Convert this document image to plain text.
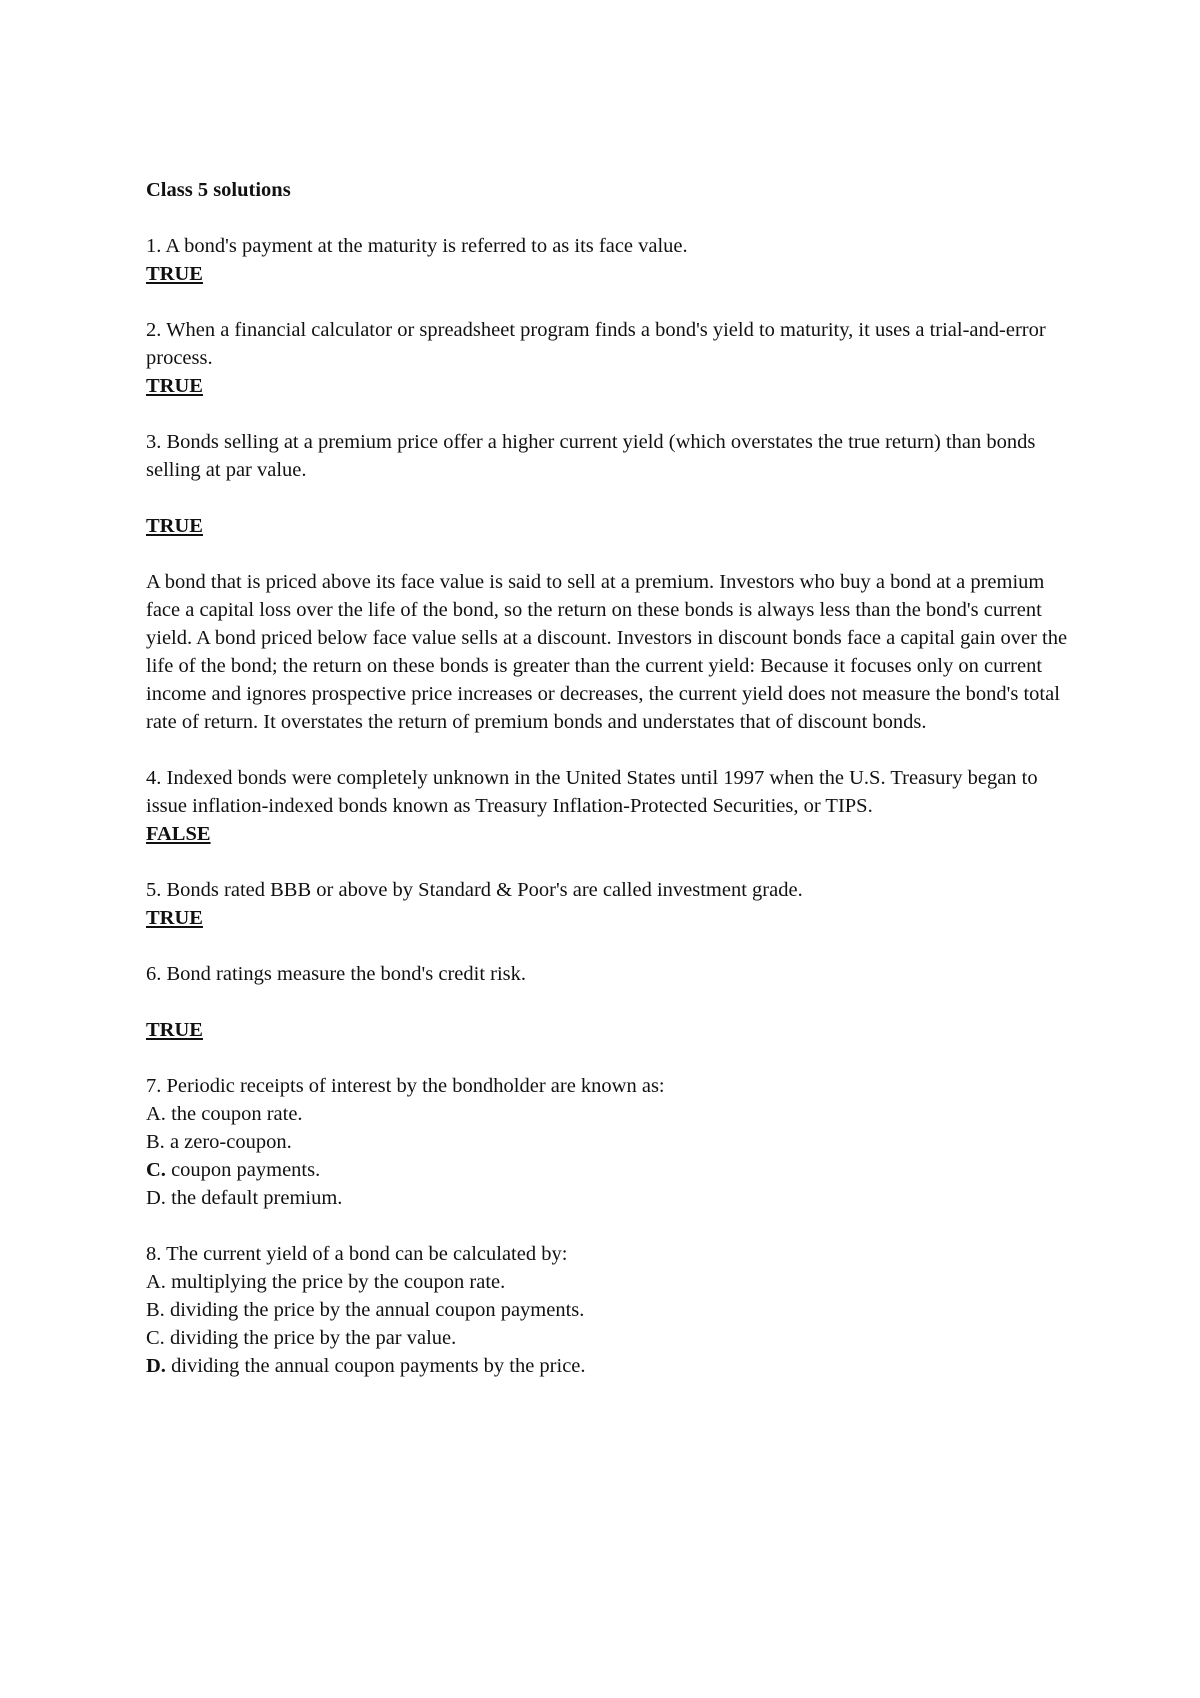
Class 5 solutions

1. A bond's payment at the maturity is referred to as its face value.

TRUE

2. When a financial calculator or spreadsheet program finds a bond's yield to maturity, it uses a trial-and-error process.

TRUE

3. Bonds selling at a premium price offer a higher current yield (which overstates the true return) than bonds selling at par value.

TRUE

A bond that is priced above its face value is said to sell at a premium. Investors who buy a bond at a premium face a capital loss over the life of the bond, so the return on these bonds is always less than the bond's current yield. A bond priced below face value sells at a discount. Investors in discount bonds face a capital gain over the life of the bond; the return on these bonds is greater than the current yield: Because it focuses only on current income and ignores prospective price increases or decreases, the current yield does not measure the bond's total rate of return. It overstates the return of premium bonds and understates that of discount bonds.

4. Indexed bonds were completely unknown in the United States until 1997 when the U.S. Treasury began to issue inflation-indexed bonds known as Treasury Inflation-Protected Securities, or TIPS.

FALSE

5. Bonds rated BBB or above by Standard & Poor's are called investment grade.

TRUE

6. Bond ratings measure the bond's credit risk.

TRUE

7. Periodic receipts of interest by the bondholder are known as:

A. the coupon rate.

B. a zero-coupon.

C. coupon payments.

D. the default premium.

8. The current yield of a bond can be calculated by:

A. multiplying the price by the coupon rate.

B. dividing the price by the annual coupon payments.

C. dividing the price by the par value.

D. dividing the annual coupon payments by the price.
